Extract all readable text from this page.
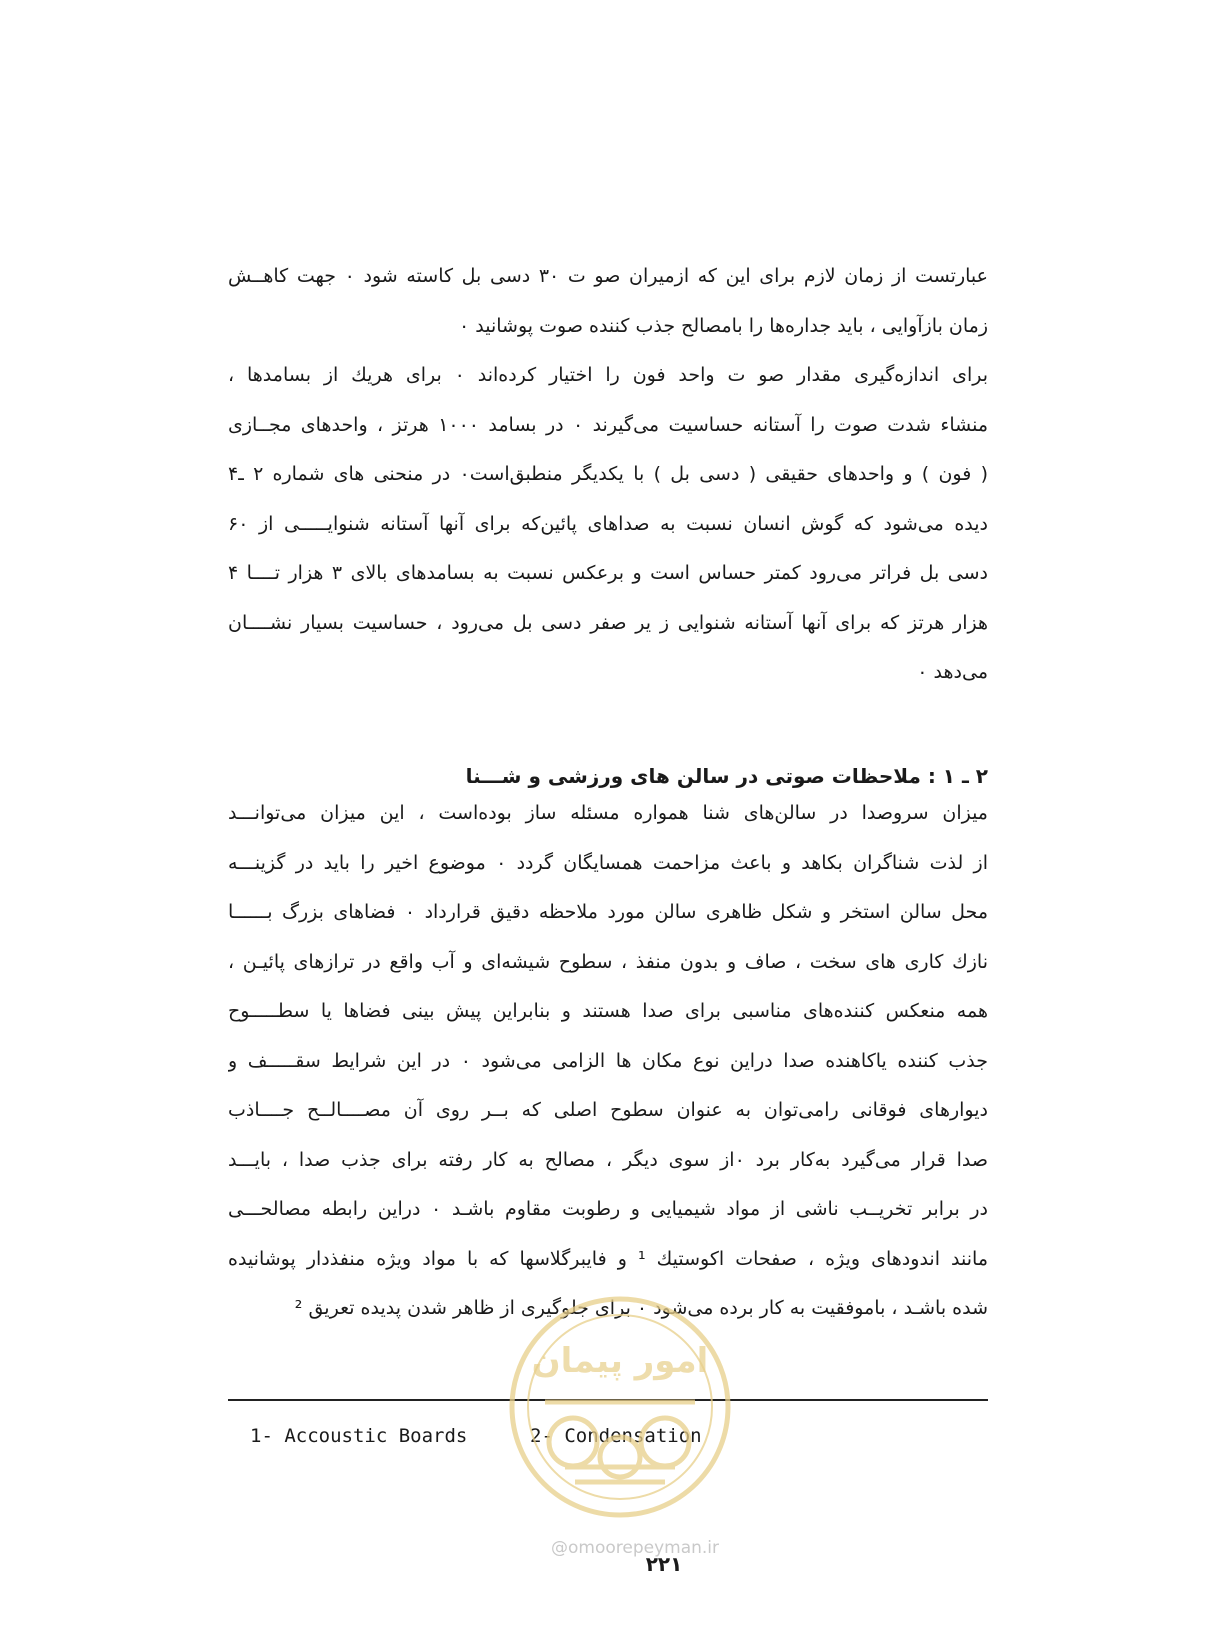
عبارتست از زمان لازم برای این که ازمیران صو ت ۳۰ دسی بل کاسته شود ۰ جهت کاهــش
زمان بازآوایی ، باید جداره‌ها را بامصالح جذب کننده صوت پوشانید ۰
برای اندازه‌گیری مقدار صو ت واحد فون را اختیار کرده‌اند ۰ برای هریك از بسامدها ،
منشاء شدت صوت را آستانه حساسیت می‌گیرند ۰ در بسامد ۱۰۰۰ هرتز ، واحدهای مجــازی
( فون ) و واحدهای حقیقی ( دسی بل ) با یکدیگر منطبق‌است۰ در منحنی های شماره ۲ ـ۴
دیده می‌شود که گوش انسان نسبت به صداهای پائین‌که برای آنها آستانه شنوایـــــی از ۶۰
دسی بل فراتر می‌رود کمتر حساس است و برعکس نسبت به بسامدهای بالای ۳ هزار تــــا ۴
هزار هرتز که برای آنها آستانه شنوایی ز یر صفر دسی بل می‌رود ، حساسیت بسیار نشــــان
می‌دهد ۰
میزان سروصدا در سالن‌های شنا همواره مسئله ساز بوده‌است ، این میزان می‌توانـــد
از لذت شناگران بکاهد و باعث مزاحمت همسایگان گردد ۰ موضوع اخیر را باید در گزینـــه
محل سالن استخر و شکل ظاهری سالن مورد ملاحظه دقیق قرارداد ۰ فضاهای بزرگ بــــــا
نازك کاری های سخت ، صاف و بدون منفذ ، سطوح شیشه‌ای و آب واقع در ترازهای پائیـن ،
همه منعکس کننده‌های مناسبی برای صدا هستند و بنابراین پیش بینی فضاها یا سطـــــوح
جذب کننده یاکاهنده صدا دراین نوع مکان ها الزامی می‌شود ۰ در این شرایط سقـــــف و
دیوارهای فوقانی رامی‌توان به عنوان سطوح اصلی که بــر روی آن مصــــالــح جــــاذب
صدا قرار می‌گیرد به‌کار برد ۰از سوی دیگر ، مصالح به کار رفته برای جذب صدا ، بایـــد
در برابر تخریــب ناشی از مواد شیمیایی و رطوبت مقاوم باشـد ۰ دراین رابطه مصالحـــی
مانند اندودهای ویژه ، صفحات اکوستیك ¹ و فایبرگلاسها که با مواد ویژه منفذدار پوشانیده
شده باشـد ، باموفقیت به کار برده می‌شود ۰ برای جلوگیری از ظاهر شدن پدیده تعریق ²
۲ ـ ۱ : ملاحظات صوتی در سالن های ورزشی و شـــنا
1- Accoustic Boards	2- Condensation
امور پیمان
@omoorepeyman.ir
۲۲۱
